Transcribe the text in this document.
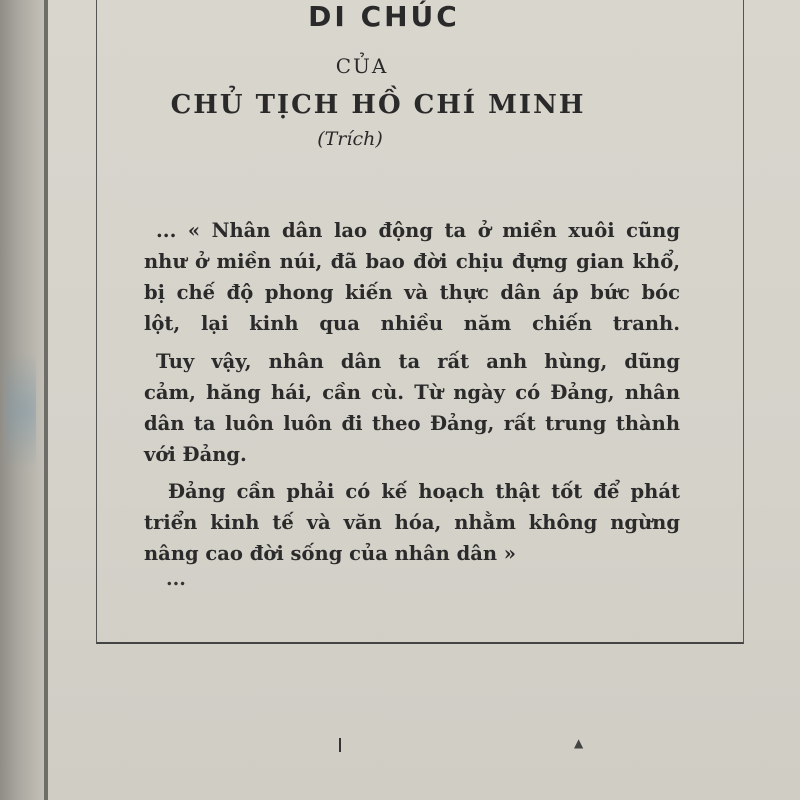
DI CHÚC
CỦA
CHỦ TỊCH HỒ CHÍ MINH
(Trích)
... « Nhân dân lao động ta ở miền xuôi cũng
như ở miền núi, đã bao đời chịu đựng gian khổ,
bị chế độ phong kiến và thực dân áp bức bóc
lột, lại kinh qua nhiều năm chiến tranh.
Tuy vậy, nhân dân ta rất anh hùng, dũng
cảm, hăng hái, cần cù. Từ ngày có Đảng, nhân
dân ta luôn luôn đi theo Đảng, rất trung thành
với Đảng.
Đảng cần phải có kế hoạch thật tốt để phát
triển kinh tế và văn hóa, nhằm không ngừng
nâng cao đời sống của nhân dân »
...
▲
